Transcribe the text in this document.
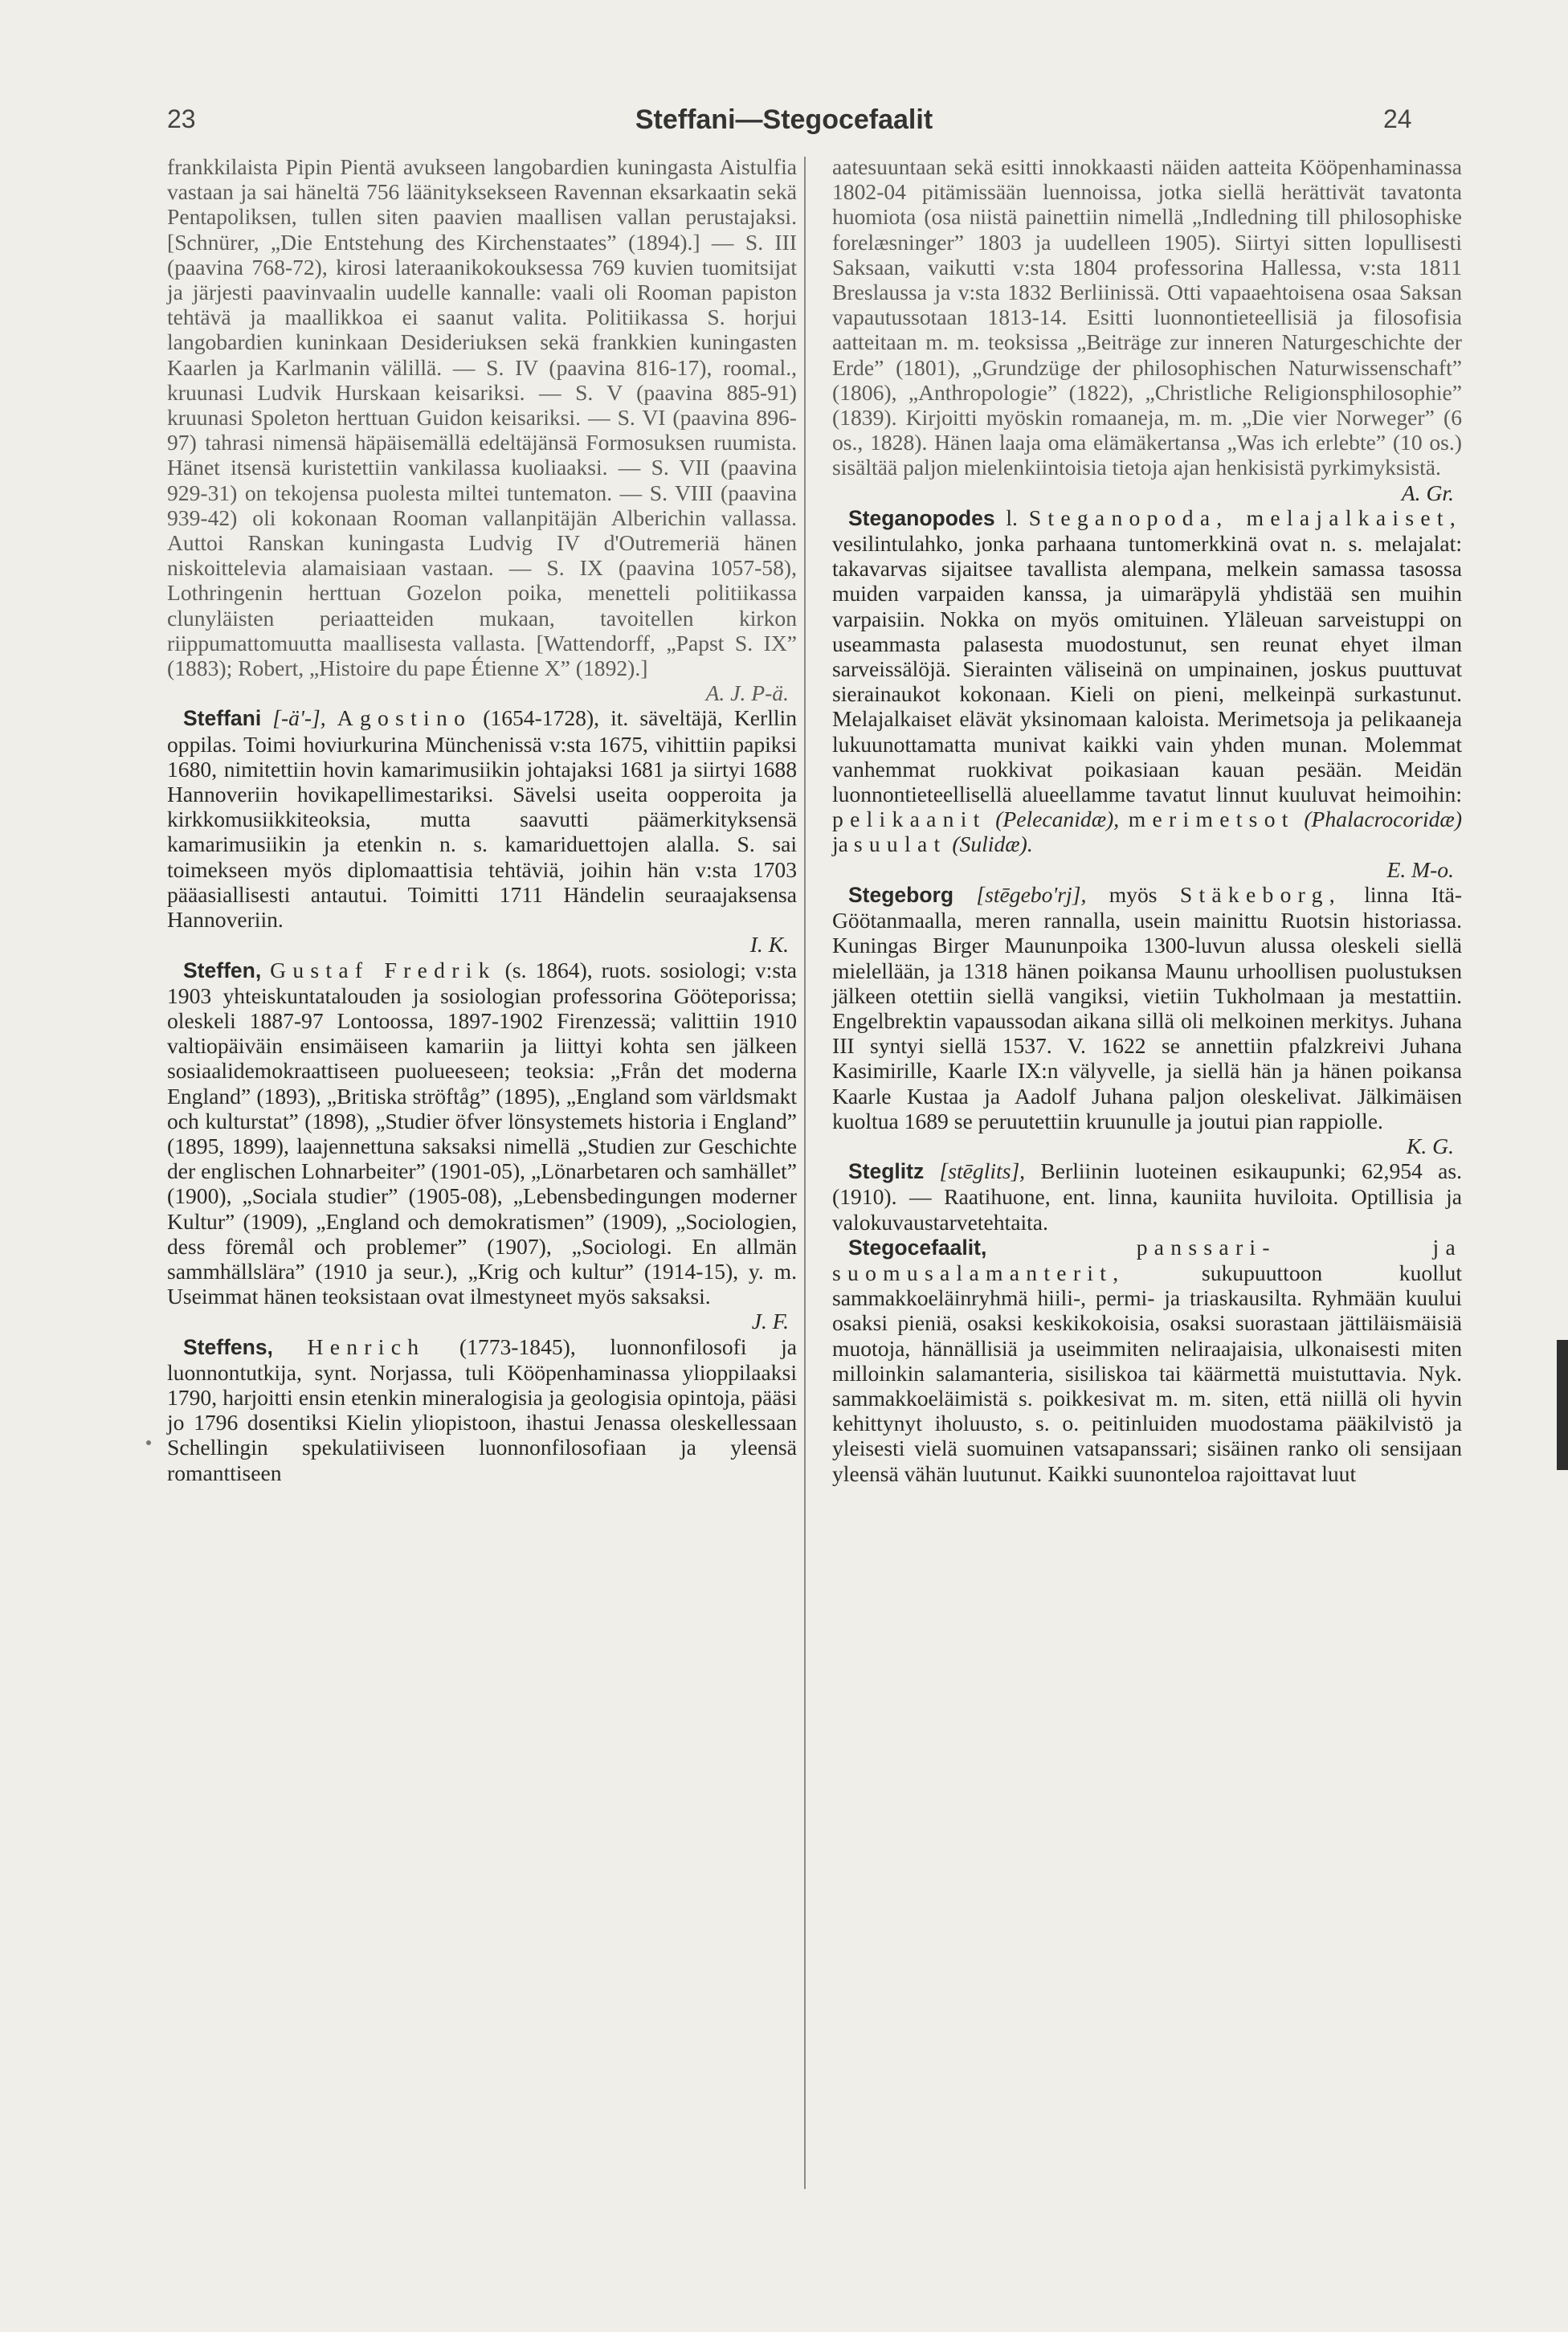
23	Steffani—Stegocefaalit	24

frankkilaista Pipin Pientä avukseen langobardien kuningasta Aistulfia vastaan ja sai häneltä 756 läänityksekseen Ravennan eksarkaatin sekä Pentapoliksen, tullen siten paavien maallisen vallan perustajaksi. [Schnürer, „Die Entstehung des Kirchenstaates” (1894).] — S. III (paavina 768-72), kirosi lateraanikokouksessa 769 kuvien tuomitsijat ja järjesti paavinvaalin uudelle kannalle: vaali oli Rooman papiston tehtävä ja maallikkoa ei saanut valita. Politiikassa S. horjui langobardien kuninkaan Desideriuksen sekä frankkien kuningasten Kaarlen ja Karlmanin välillä. — S. IV (paavina 816-17), roomal., kruunasi Ludvik Hurskaan keisariksi. — S. V (paavina 885-91) kruunasi Spoleton herttuan Guidon keisariksi. — S. VI (paavina 896-97) tahrasi nimensä häpäisemällä edeltäjänsä Formosuksen ruumista. Hänet itsensä kuristettiin vankilassa kuoliaaksi. — S. VII (paavina 929-31) on tekojensa puolesta miltei tuntematon. — S. VIII (paavina 939-42) oli kokonaan Rooman vallanpitäjän Alberichin vallassa. Auttoi Ranskan kuningasta Ludvig IV d'Outremeriä hänen niskoittelevia alamaisiaan vastaan. — S. IX (paavina 1057-58), Lothringenin herttuan Gozelon poika, menetteli politiikassa clunyläisten periaatteiden mukaan, tavoitellen kirkon riippumattomuutta maallisesta vallasta. [Wattendorff, „Papst S. IX” (1883); Robert, „Histoire du pape Étienne X” (1892).]
A. J. P-ä.

Steffani [-ä'-], Agostino (1654-1728), it. säveltäjä, Kerllin oppilas. Toimi hoviurkurina Münchenissä v:sta 1675, vihittiin papiksi 1680, nimitettiin hovin kamarimusiikin johtajaksi 1681 ja siirtyi 1688 Hannoveriin hovikapellimestariksi. Sävelsi useita oopperoita ja kirkkomusiikkiteoksia, mutta saavutti päämerkityksensä kamarimusiikin ja etenkin n. s. kamariduettojen alalla. S. sai toimekseen myös diplomaattisia tehtäviä, joihin hän v:sta 1703 pääasiallisesti antautui. Toimitti 1711 Händelin seuraajaksensa Hannoveriin.
I. K.

Steffen, Gustaf Fredrik (s. 1864), ruots. sosiologi; v:sta 1903 yhteiskuntatalouden ja sosiologian professorina Gööteporissa; oleskeli 1887-97 Lontoossa, 1897-1902 Firenzessä; valittiin 1910 valtiopäiväin ensimäiseen kamariin ja liittyi kohta sen jälkeen sosiaalidemokraattiseen puolueeseen; teoksia: „Från det moderna England” (1893), „Britiska ströftåg” (1895), „England som världsmakt och kulturstat” (1898), „Studier öfver lönsystemets historia i England” (1895, 1899), laajennettuna saksaksi nimellä „Studien zur Geschichte der englischen Lohnarbeiter” (1901-05), „Lönarbetaren och samhället” (1900), „Sociala studier” (1905-08), „Lebensbedingungen moderner Kultur” (1909), „England och demokratismen” (1909), „Sociologien, dess föremål och problemer” (1907), „Sociologi. En allmän sammhällslära” (1910 ja seur.), „Krig och kultur” (1914-15), y. m. Useimmat hänen teoksistaan ovat ilmestyneet myös saksaksi.
J. F.

Steffens, Henrich (1773-1845), luonnonfilosofi ja luonnontutkija, synt. Norjassa, tuli Kööpenhaminassa ylioppilaaksi 1790, harjoitti ensin etenkin mineralogisia ja geologisia opintoja, pääsi jo 1796 dosentiksi Kielin yliopistoon, ihastui Jenassa oleskellessaan Schellingin spekulatiiviseen luonnonfilosofiaan ja yleensä romanttiseen

aatesuuntaan sekä esitti innokkaasti näiden aatteita Kööpenhaminassa 1802-04 pitämissään luennoissa, jotka siellä herättivät tavatonta huomiota (osa niistä painettiin nimellä „Indledning till philosophiske forelæsninger” 1803 ja uudelleen 1905). Siirtyi sitten lopullisesti Saksaan, vaikutti v:sta 1804 professorina Hallessa, v:sta 1811 Breslaussa ja v:sta 1832 Berliinissä. Otti vapaaehtoisena osaa Saksan vapautussotaan 1813-14. Esitti luonnontieteellisiä ja filosofisia aatteitaan m. m. teoksissa „Beiträge zur inneren Naturgeschichte der Erde” (1801), „Grundzüge der philosophischen Naturwissenschaft” (1806), „Anthropologie” (1822), „Christliche Religionsphilosophie” (1839). Kirjoitti myöskin romaaneja, m. m. „Die vier Norweger” (6 os., 1828). Hänen laaja oma elämäkertansa „Was ich erlebte” (10 os.) sisältää paljon mielenkiintoisia tietoja ajan henkisistä pyrkimyksistä.
A. Gr.

Steganopodes l. Steganopoda, melajalkaiset, vesilintulahko, jonka parhaana tuntomerkkinä ovat n. s. melajalat: takavarvas sijaitsee tavallista alempana, melkein samassa tasossa muiden varpaiden kanssa, ja uimaräpylä yhdistää sen muihin varpaisiin. Nokka on myös omituinen. Yläleuan sarveistuppi on useammasta palasesta muodostunut, sen reunat ehyet ilman sarveissälöjä. Sierainten väliseinä on umpinainen, joskus puuttuvat sierainaukot kokonaan. Kieli on pieni, melkeinpä surkastunut. Melajalkaiset elävät yksinomaan kaloista. Merimetsoja ja pelikaaneja lukuunottamatta munivat kaikki vain yhden munan. Molemmat vanhemmat ruokkivat poikasiaan kauan pesään. Meidän luonnontieteellisellä alueellamme tavatut linnut kuuluvat heimoihin: pelikaanit (Pelecanidæ), merimetsot (Phalacrocoridæ) ja suulat (Sulidæ).
E. M-o.

Stegeborg [stēgebo'rj], myös Stäkeborg, linna Itä-Göötanmaalla, meren rannalla, usein mainittu Ruotsin historiassa. Kuningas Birger Maununpoika 1300-luvun alussa oleskeli siellä mielellään, ja 1318 hänen poikansa Maunu urhoollisen puolustuksen jälkeen otettiin siellä vangiksi, vietiin Tukholmaan ja mestattiin. Engelbrektin vapaussodan aikana sillä oli melkoinen merkitys. Juhana III syntyi siellä 1537. V. 1622 se annettiin pfalzkreivi Juhana Kasimirille, Kaarle IX:n välyvelle, ja siellä hän ja hänen poikansa Kaarle Kustaa ja Aadolf Juhana paljon oleskelivat. Jälkimäisen kuoltua 1689 se peruutettiin kruunulle ja joutui pian rappiolle.
K. G.

Steglitz [stēglits], Berliinin luoteinen esikaupunki; 62,954 as. (1910). — Raatihuone, ent. linna, kauniita huviloita. Optillisia ja valokuvaustarvetehtaita.

Stegocefaalit,	panssari- ja suomusalamanterit,	sukupuuttoon kuollut sammakkoeläinryhmä hiili-, permi- ja triaskausilta. Ryhmään kuului osaksi pieniä, osaksi keskikokoisia, osaksi suorastaan jättiläismäisiä muotoja, hännällisiä ja useimmiten neliraajaisia, ulkonaisesti miten milloinkin salamanteria, sisiliskoa tai käärmettä muistuttavia. Nyk. sammakkoeläimistä s. poikkesivat m. m. siten, että niillä oli hyvin kehittynyt iholuusto, s. o. peitinluiden muodostama pääkilvistö ja yleisesti vielä suomuinen vatsapanssari; sisäinen ranko oli sensijaan yleensä vähän luutunut. Kaikki suunonteloa rajoittavat luut
